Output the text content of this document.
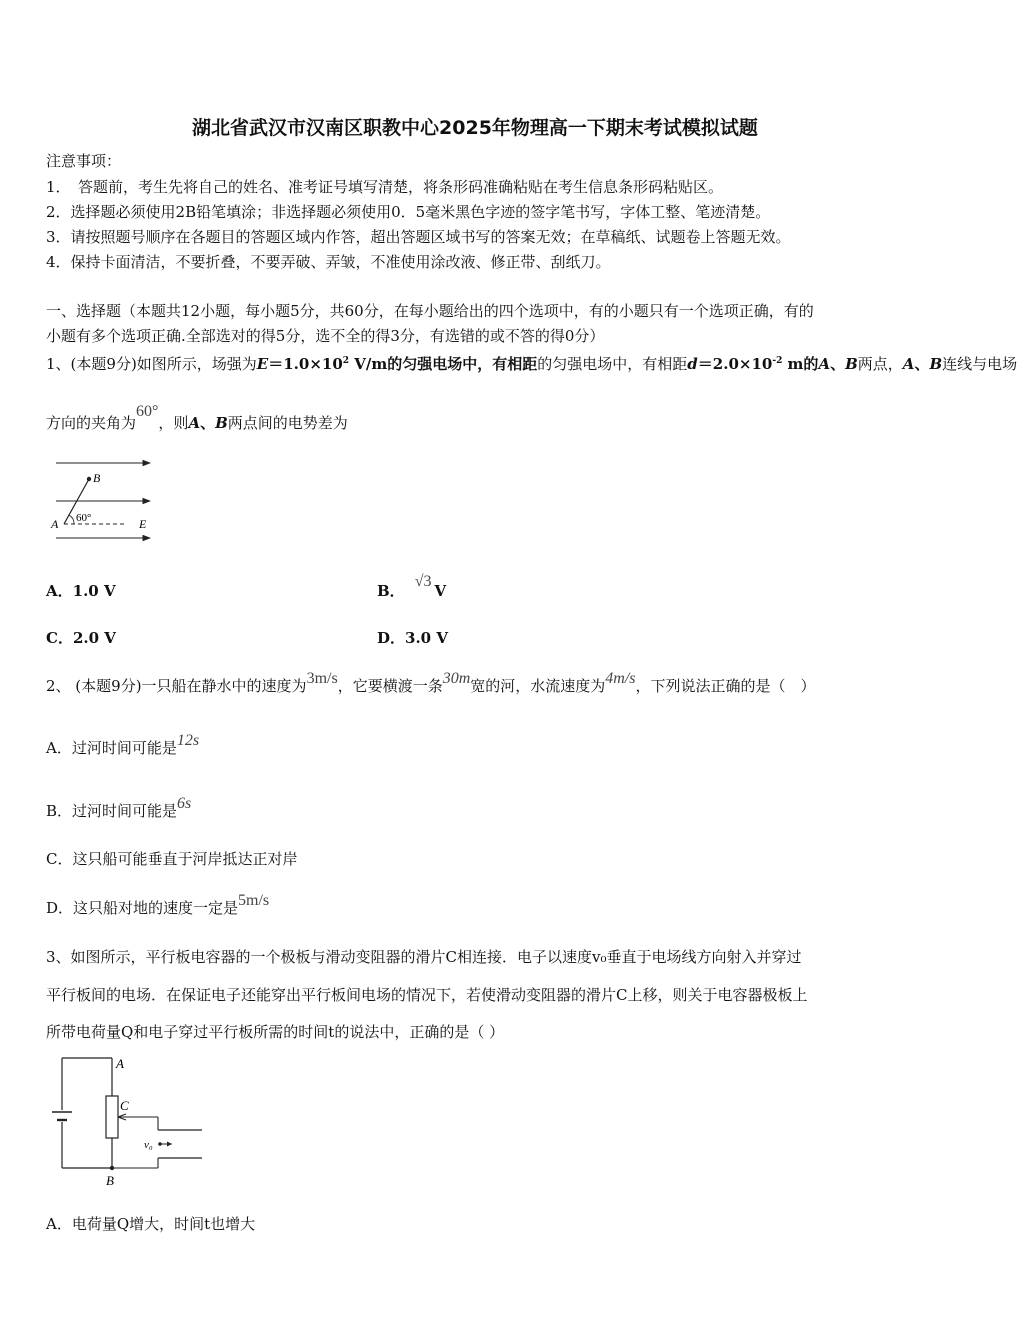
湖北省武汉市汉南区职教中心2025年物理高一下期末考试模拟试题
注意事项：
1．　答题前，考生先将自己的姓名、准考证号填写清楚，将条形码准确粘贴在考生信息条形码粘贴区。
2．选择题必须使用2B铅笔填涂；非选择题必须使用0．5毫米黑色字迹的签字笔书写，字体工整、笔迹清楚。
3．请按照题号顺序在各题目的答题区域内作答，超出答题区域书写的答案无效；在草稿纸、试题卷上答题无效。
4．保持卡面清洁，不要折叠，不要弄破、弄皱，不准使用涂改液、修正带、刮纸刀。
一、选择题（本题共12小题，每小题5分，共60分，在每小题给出的四个选项中，有的小题只有一个选项正确，有的
小题有多个选项正确.全部选对的得5分，选不全的得3分，有选错的或不答的得0分）
1、(本题9分)如图所示，场强为$E=1.0\times 10^2$ V/m的匀强电场中，有相距的匀强电场中，有相距$d=2.0\times 10^{-2}$ m的A、B两点，A、B连线与电场
方向的夹角为60°，则A、B两点间的电势差为
B
A 60°	E
A．1.0 V	B．√3V
C．2.0 V	D．3.0 V
2、 (本题9分)一只船在静水中的速度为3m/s，它要横渡一条30m宽的河，水流速度为4m/s，下列说法正确的是（　）
A．过河时间可能是12s
B．过河时间可能是6s
C．这只船可能垂直于河岸抵达正对岸
D．这只船对地的速度一定是5m/s
3、如图所示，平行板电容器的一个极板与滑动变阻器的滑片C相连接．电子以速度v₀垂直于电场线方向射入并穿过
平行板间的电场．在保证电子还能穿出平行板间电场的情况下，若使滑动变阻器的滑片C上移，则关于电容器极板上
所带电荷量Q和电子穿过平行板所需的时间t的说法中，正确的是（ ）
A
C
v₀
B
A．电荷量Q增大，时间t也增大
